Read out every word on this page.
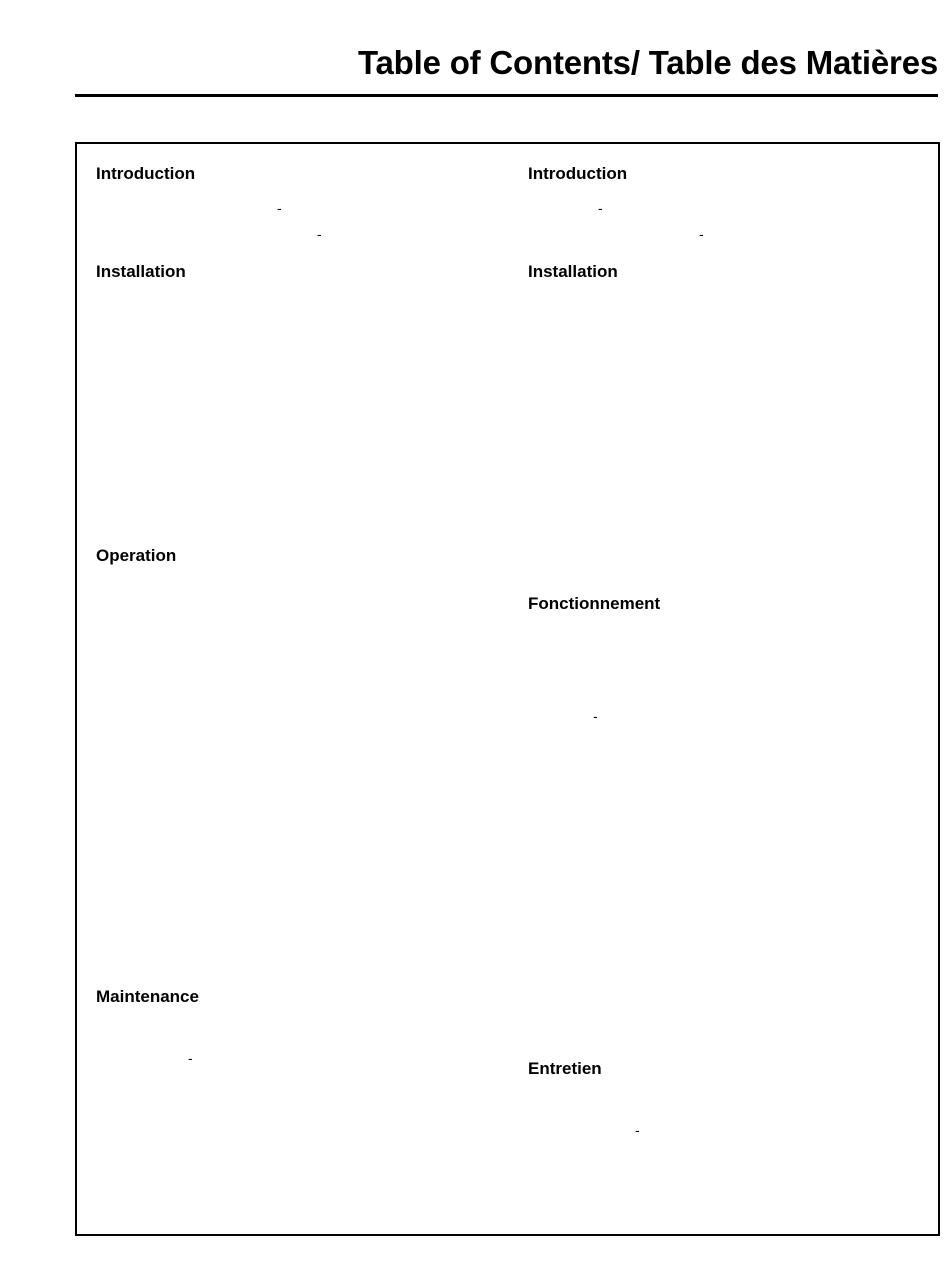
Table of Contents/ Table des Matières
Introduction
-
-
Installation
Operation
Maintenance
-
Introduction
-
-
Installation
Fonctionnement
-
Entretien
-
